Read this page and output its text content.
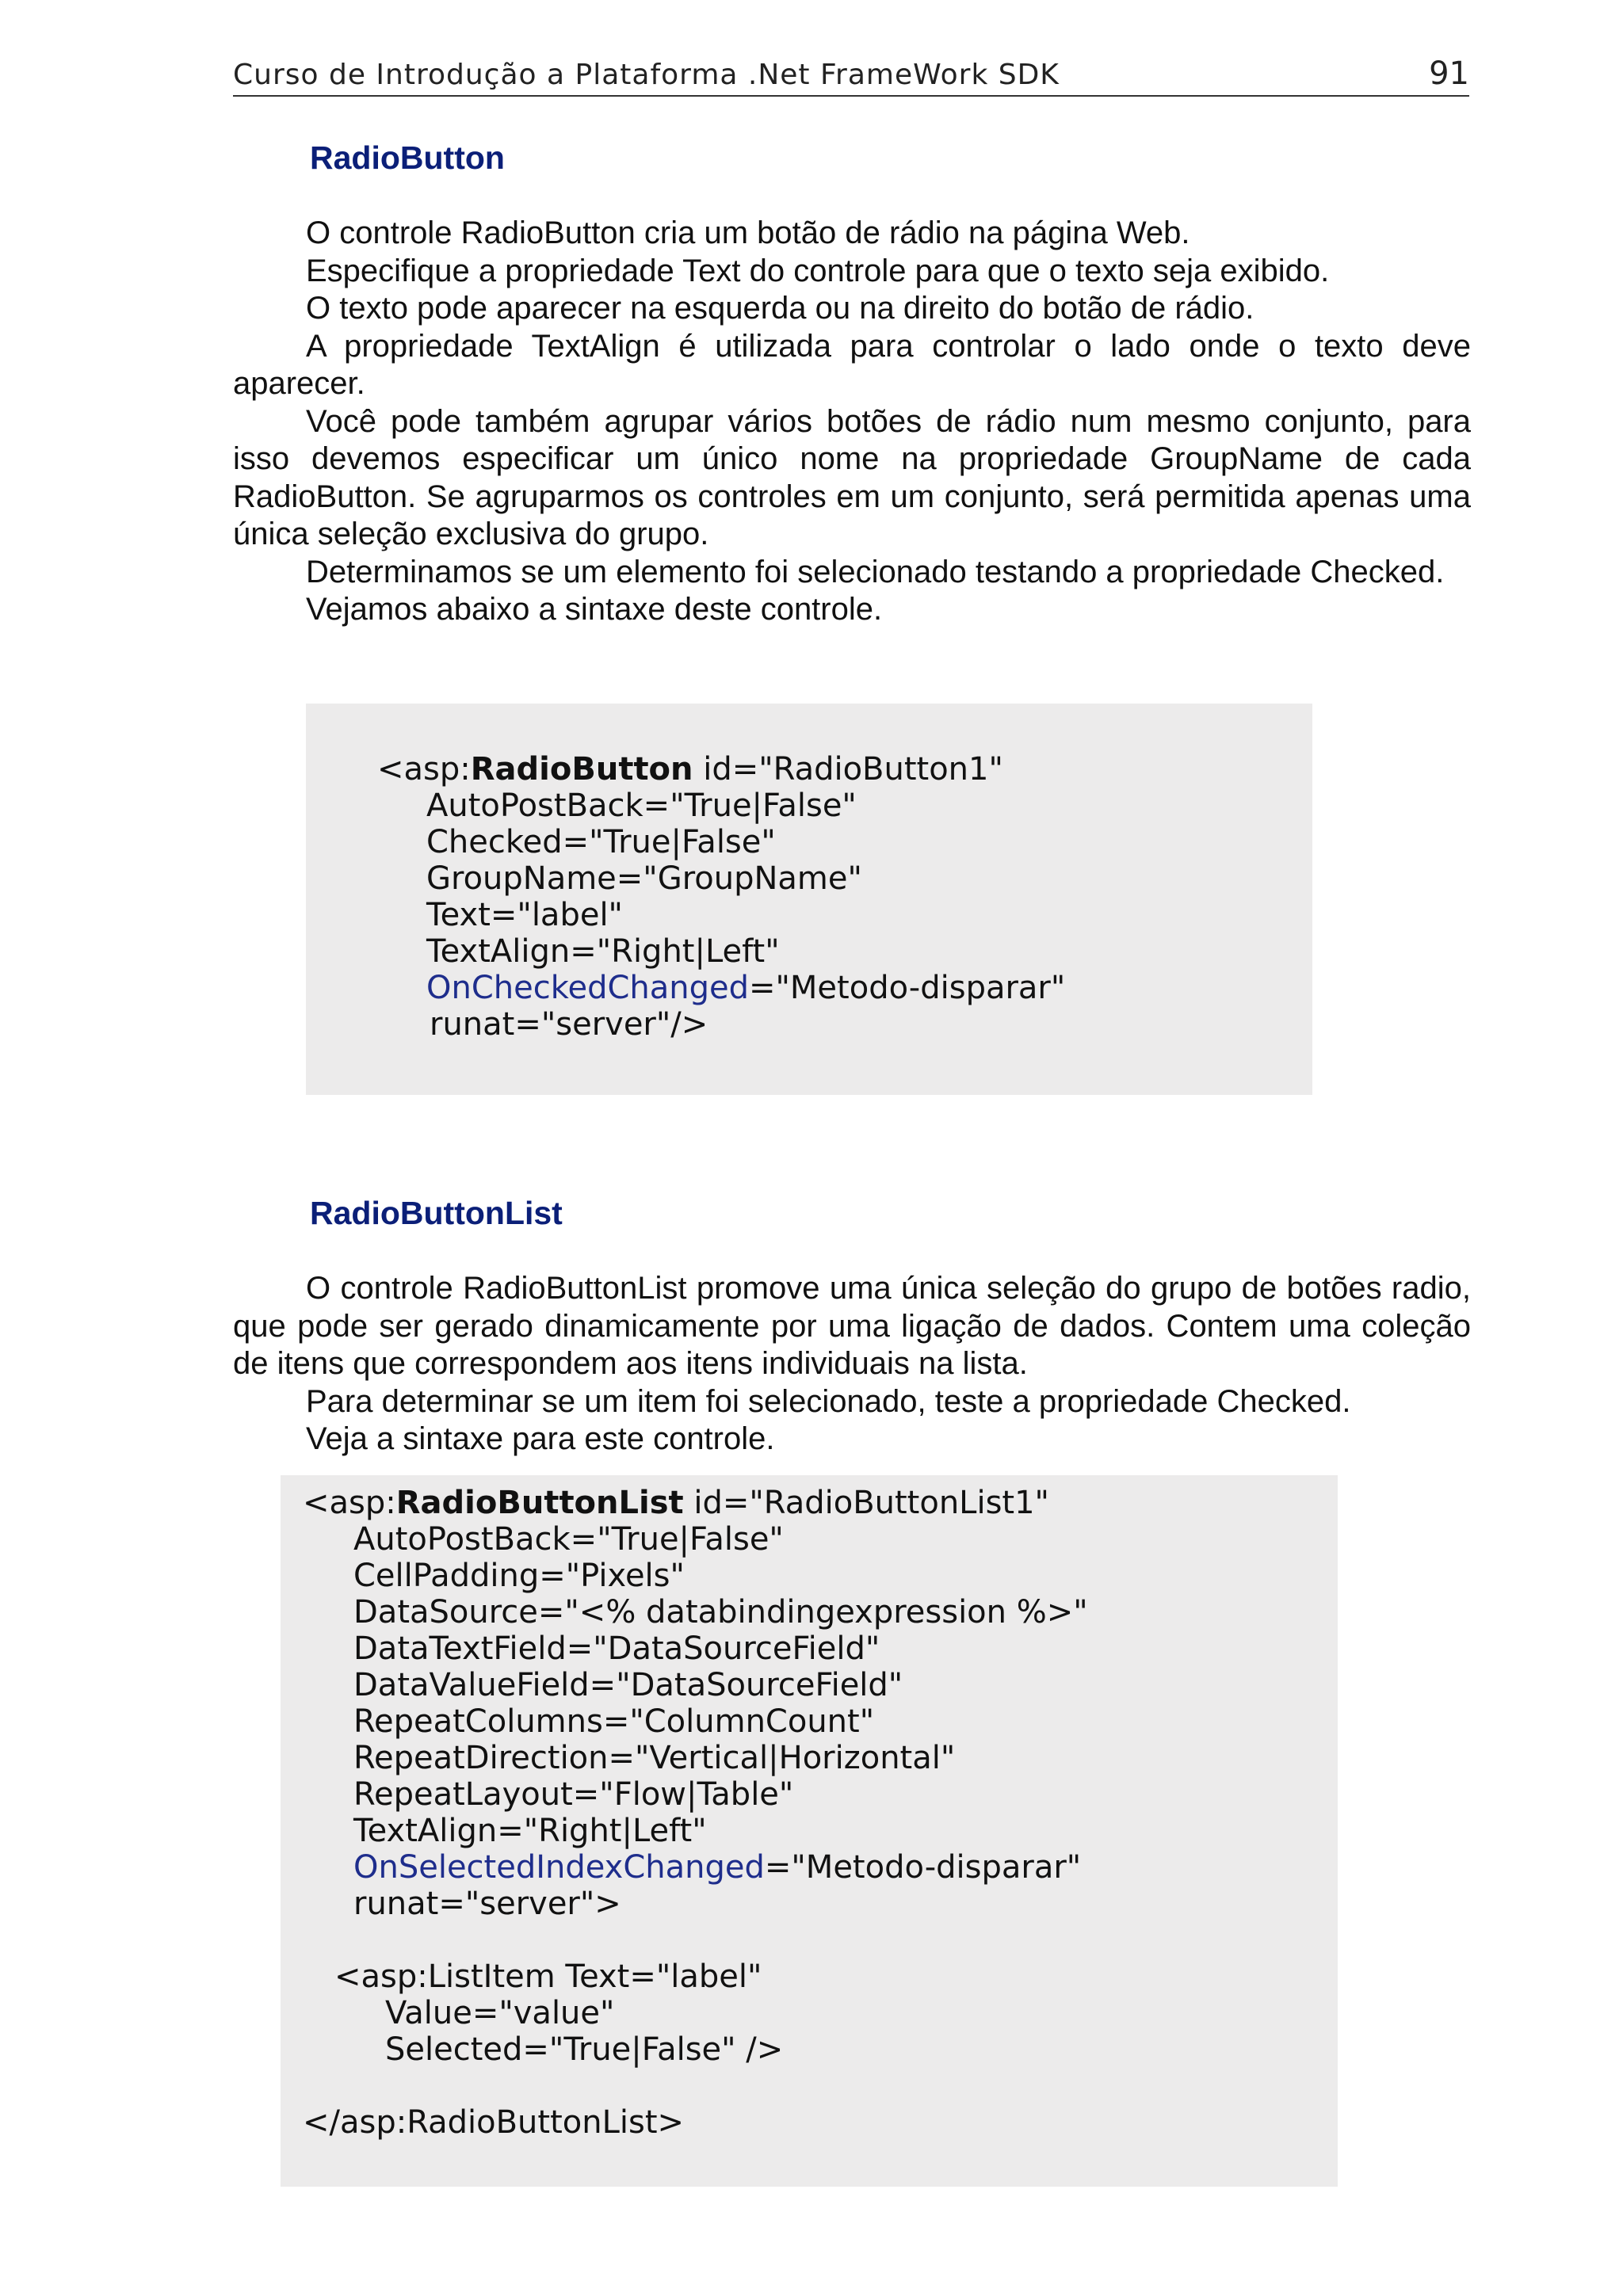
Curso de Introdução a Plataforma .Net FrameWork SDK	91
RadioButton

O controle RadioButton cria um botão de rádio na página Web.

Especifique a propriedade Text do controle para que o texto seja exibido.

O texto pode aparecer na esquerda ou na direito do botão de rádio.

A propriedade TextAlign é utilizada para controlar o lado onde o texto deve aparecer.

Você pode também agrupar vários botões de rádio num mesmo conjunto, para isso devemos especificar um único nome na propriedade GroupName de cada RadioButton. Se agruparmos os controles em um conjunto, será permitida apenas uma única seleção exclusiva do grupo.

Determinamos se um elemento foi selecionado testando a propriedade Checked.

Vejamos abaixo a sintaxe deste controle.

<asp:RadioButton id="RadioButton1"
AutoPostBack="True|False"
Checked="True|False"
GroupName="GroupName"
Text="label"
TextAlign="Right|Left"
OnCheckedChanged="Metodo-disparar"
runat="server"/>
RadioButtonList

O controle RadioButtonList promove uma única seleção do grupo de botões radio, que pode ser gerado dinamicamente por uma ligação de dados. Contem uma coleção de itens que correspondem aos itens individuais na lista.

Para determinar se um item foi selecionado, teste a propriedade Checked.

Veja a sintaxe para este controle.

<asp:RadioButtonList id="RadioButtonList1"
AutoPostBack="True|False"
CellPadding="Pixels"
DataSource="<% databindingexpression %>"
DataTextField="DataSourceField"
DataValueField="DataSourceField"
RepeatColumns="ColumnCount"
RepeatDirection="Vertical|Horizontal"
RepeatLayout="Flow|Table"
TextAlign="Right|Left"
OnSelectedIndexChanged="Metodo-disparar"
runat="server">
<asp:ListItem Text="label"
Value="value"
Selected="True|False" />
</asp:RadioButtonList>
